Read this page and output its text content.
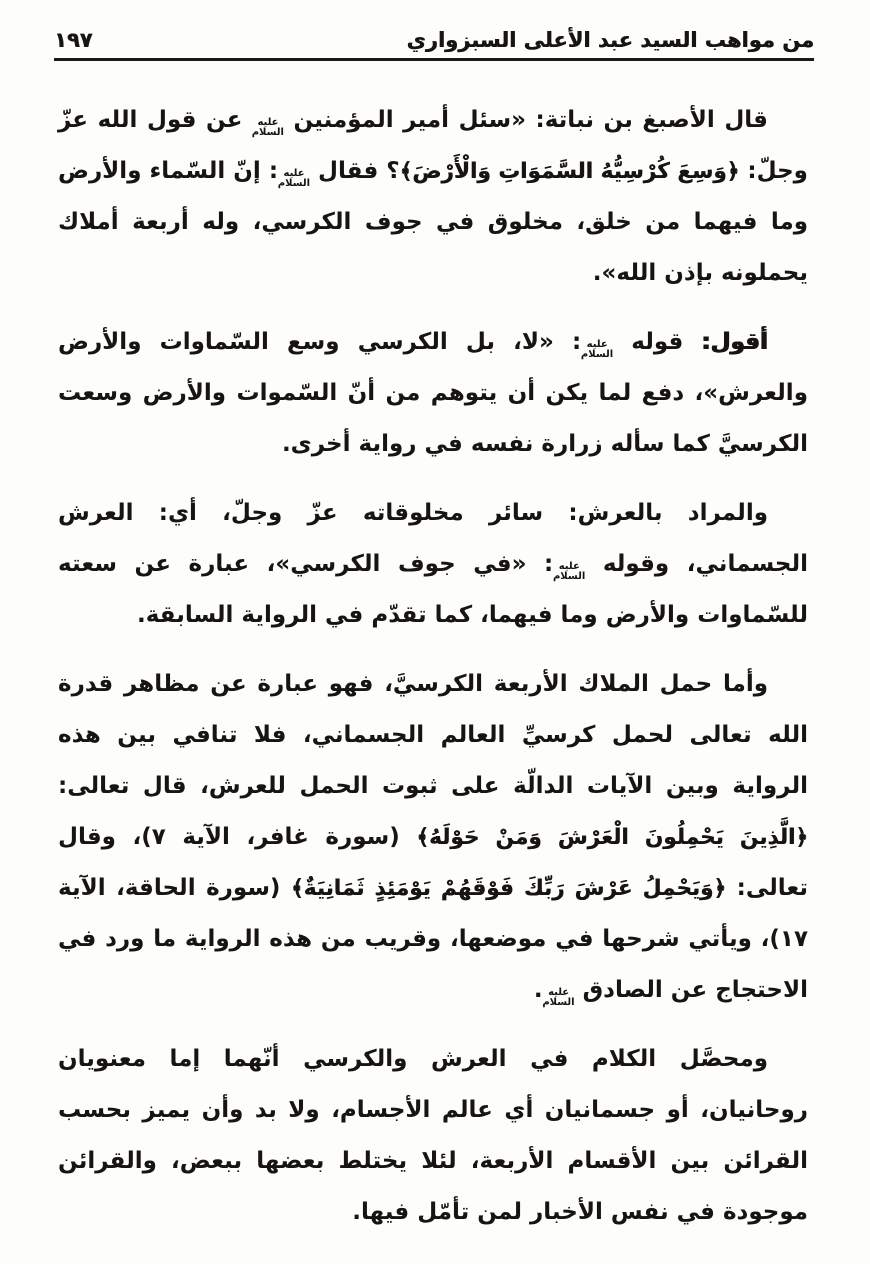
من مواهب السيد عبد الأعلى السبزواري
١٩٧

قال الأصبغ بن نباتة: «سئل أمير المؤمنين عليه السلام عن قول الله عزّ وجلّ: ﴿وَسِعَ كُرْسِيُّهُ السَّمَوَاتِ وَالْأَرْضَ﴾؟ فقال عليه السلام: إنّ السّماء والأرض وما فيهما من خلق، مخلوق في جوف الكرسي، وله أربعة أملاك يحملونه بإذن الله».

أقول: قوله عليه السلام: «لا، بل الكرسي وسع السّماوات والأرض والعرش»، دفع لما يكن أن يتوهم من أنّ السّموات والأرض وسعت الكرسيَّ كما سأله زرارة نفسه في رواية أخرى.

والمراد بالعرش: سائر مخلوقاته عزّ وجلّ، أي: العرش الجسماني، وقوله عليه السلام: «في جوف الكرسي»، عبارة عن سعته للسّماوات والأرض وما فيهما، كما تقدّم في الرواية السابقة.

وأما حمل الملاك الأربعة الكرسيَّ، فهو عبارة عن مظاهر قدرة الله تعالى لحمل كرسيِّ العالم الجسماني، فلا تنافي بين هذه الرواية وبين الآيات الدالّة على ثبوت الحمل للعرش، قال تعالى: ﴿الَّذِينَ يَحْمِلُونَ الْعَرْشَ وَمَنْ حَوْلَهُ﴾ (سورة غافر، الآية ٧)، وقال تعالى: ﴿وَيَحْمِلُ عَرْشَ رَبِّكَ فَوْقَهُمْ يَوْمَئِذٍ ثَمَانِيَةٌ﴾ (سورة الحاقة، الآية ١٧)، ويأتي شرحها في موضعها، وقريب من هذه الرواية ما ورد في الاحتجاج عن الصادق عليه السلام.

ومحصَّل الكلام في العرش والكرسي أنّهما إما معنويان روحانيان، أو جسمانيان أي عالم الأجسام، ولا بد وأن يميز بحسب القرائن بين الأقسام الأربعة، لئلا يختلط بعضها ببعض، والقرائن موجودة في نفس الأخبار لمن تأمّل فيها.
